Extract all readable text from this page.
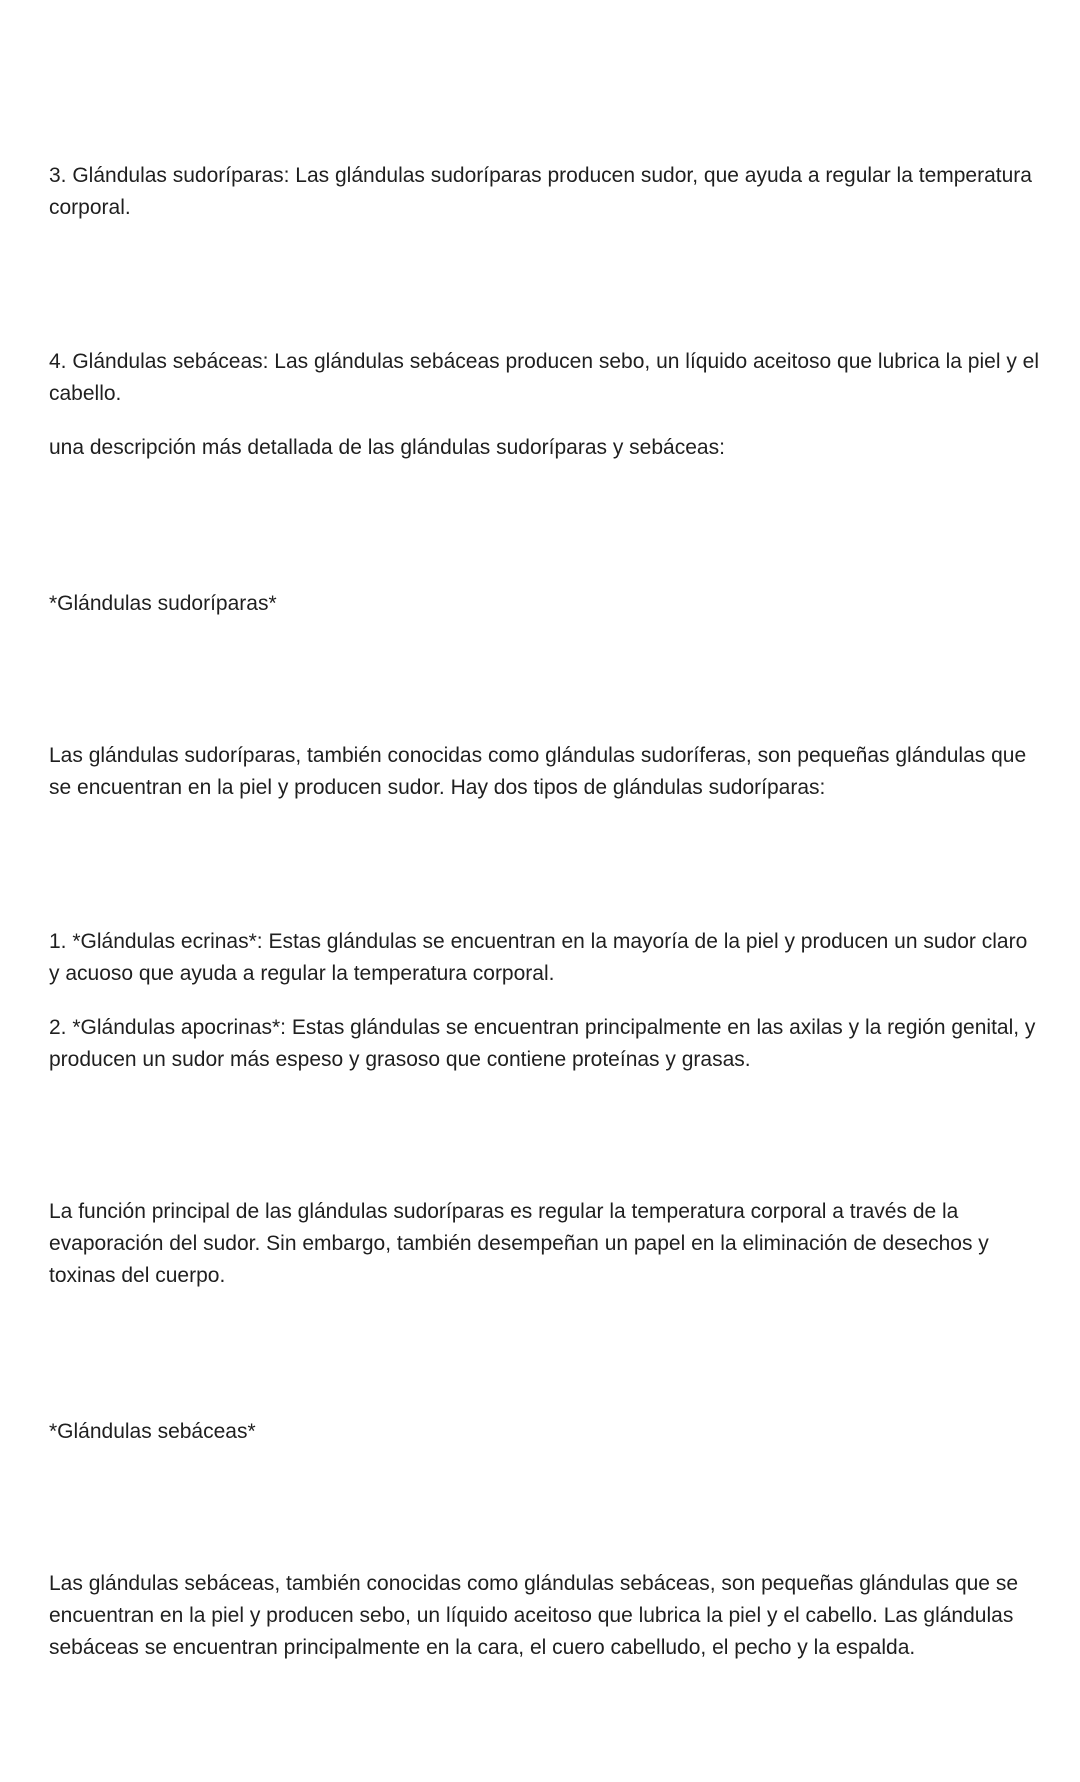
3. Glándulas sudoríparas: Las glándulas sudoríparas producen sudor, que ayuda a regular la temperatura corporal.

4. Glándulas sebáceas: Las glándulas sebáceas producen sebo, un líquido aceitoso que lubrica la piel y el cabello.

una descripción más detallada de las glándulas sudoríparas y sebáceas:

*Glándulas sudoríparas*

Las glándulas sudoríparas, también conocidas como glándulas sudoríferas, son pequeñas glándulas que se encuentran en la piel y producen sudor. Hay dos tipos de glándulas sudoríparas:

1. *Glándulas ecrinas*: Estas glándulas se encuentran en la mayoría de la piel y producen un sudor claro y acuoso que ayuda a regular la temperatura corporal.

2. *Glándulas apocrinas*: Estas glándulas se encuentran principalmente en las axilas y la región genital, y producen un sudor más espeso y grasoso que contiene proteínas y grasas.

La función principal de las glándulas sudoríparas es regular la temperatura corporal a través de la evaporación del sudor. Sin embargo, también desempeñan un papel en la eliminación de desechos y toxinas del cuerpo.

*Glándulas sebáceas*

Las glándulas sebáceas, también conocidas como glándulas sebáceas, son pequeñas glándulas que se encuentran en la piel y producen sebo, un líquido aceitoso que lubrica la piel y el cabello. Las glándulas sebáceas se encuentran principalmente en la cara, el cuero cabelludo, el pecho y la espalda.
